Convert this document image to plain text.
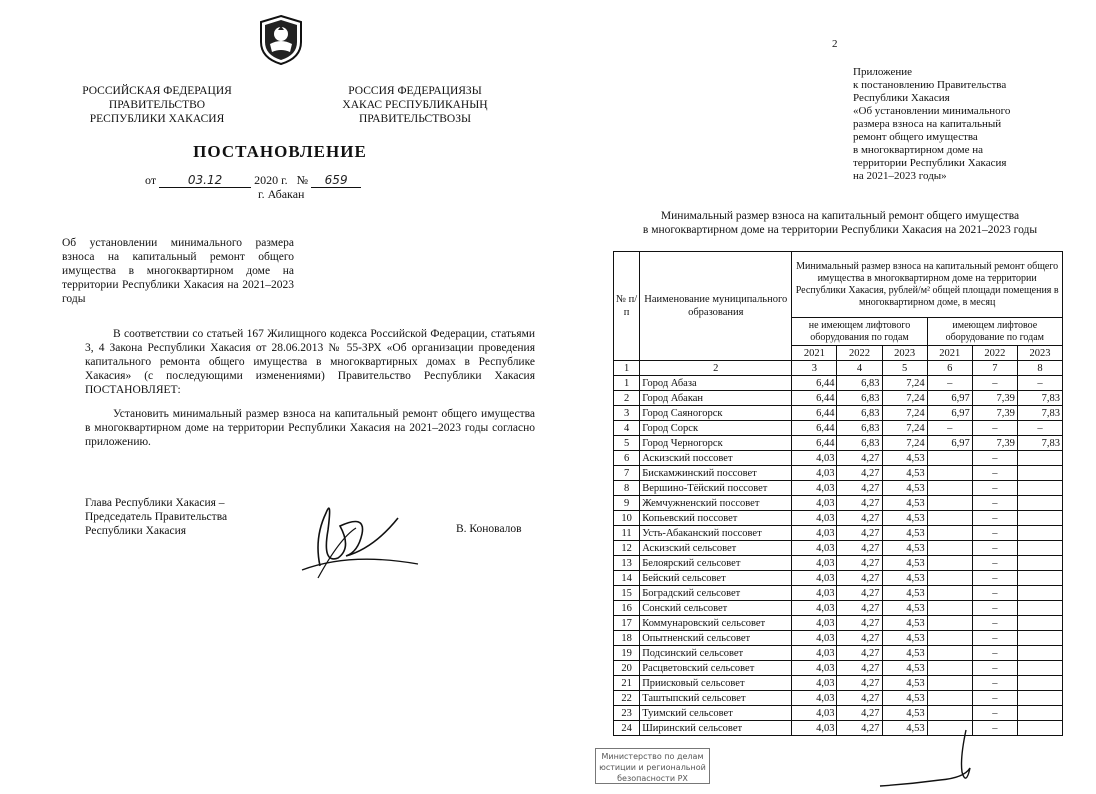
РОССИЙСКАЯ ФЕДЕРАЦИЯ
ПРАВИТЕЛЬСТВО
РЕСПУБЛИКИ ХАКАСИЯ
РОССИЯ ФЕДЕРАЦИЯЗЫ
ХАКАС РЕСПУБЛИКАНЫҢ
ПРАВИТЕЛЬСТВОЗЫ
ПОСТАНОВЛЕНИЕ
от	03.12	2020 г. № 659
г. Абакан
Об установлении минимального размера взноса на капитальный ремонт общего имущества в многоквартирном доме на территории Республики Хакасия на 2021–2023 годы
В соответствии со статьей 167 Жилищного кодекса Российской Федерации, статьями 3, 4 Закона Республики Хакасия от 28.06.2013 № 55-ЗРХ «Об организации проведения капитального ремонта общего имущества в многоквартирных домах в Республике Хакасия» (с последующими изменениями) Правительство Республики Хакасия ПОСТАНОВЛЯЕТ:
Установить минимальный размер взноса на капитальный ремонт общего имущества в многоквартирном доме на территории Республики Хакасия на 2021–2023 годы согласно приложению.
Глава Республики Хакасия –
Председатель Правительства
Республики Хакасия	В. Коновалов
2
Приложение
к постановлению Правительства
Республики Хакасия
«Об установлении минимального
размера взноса на капитальный
ремонт общего имущества
в многоквартирном доме на
территории Республики Хакасия
на 2021–2023 годы»
Минимальный размер взноса на капитальный ремонт общего имущества
в многоквартирном доме на территории Республики Хакасия на 2021–2023 годы
№ п/п	Наименование муниципального образования	Минимальный размер взноса на капитальный ремонт общего имущества в многоквартирном доме на территории Республики Хакасия, рублей/м² общей площади помещения в многоквартирном доме, в месяц					
		не имеющем лифтового оборудования по годам			имеющем лифтовое оборудование по годам		
		2021	2022	2023	2021	2022	2023
1	2	3	4	5	6	7	8
1	Город Абаза	6,44	6,83	7,24	–	–	–
2	Город Абакан	6,44	6,83	7,24	6,97	7,39	7,83
3	Город Саяногорск	6,44	6,83	7,24	6,97	7,39	7,83
4	Город Сорск	6,44	6,83	7,24	–	–	–
5	Город Черногорск	6,44	6,83	7,24	6,97	7,39	7,83
6	Аскизский поссовет	4,03	4,27	4,53		–	
7	Бискамжинский поссовет	4,03	4,27	4,53		–	
8	Вершино-Тёйский поссовет	4,03	4,27	4,53		–	
9	Жемчужненский поссовет	4,03	4,27	4,53		–	
10	Копьевский поссовет	4,03	4,27	4,53		–	
11	Усть-Абаканский поссовет	4,03	4,27	4,53		–	
12	Аскизский сельсовет	4,03	4,27	4,53		–	
13	Белоярский сельсовет	4,03	4,27	4,53		–	
14	Бейский сельсовет	4,03	4,27	4,53		–	
15	Боградский сельсовет	4,03	4,27	4,53		–	
16	Сонский сельсовет	4,03	4,27	4,53		–	
17	Коммунаровский сельсовет	4,03	4,27	4,53		–	
18	Опытненский сельсовет	4,03	4,27	4,53		–	
19	Подсинский сельсовет	4,03	4,27	4,53		–	
20	Расцветовский сельсовет	4,03	4,27	4,53		–	
21	Приисковый сельсовет	4,03	4,27	4,53		–	
22	Таштыпский сельсовет	4,03	4,27	4,53		–	
23	Туимский сельсовет	4,03	4,27	4,53		–	
24	Ширинский сельсовет	4,03	4,27	4,53		–	
Министерство по делам
юстиции и региональной
безопасности РХ
